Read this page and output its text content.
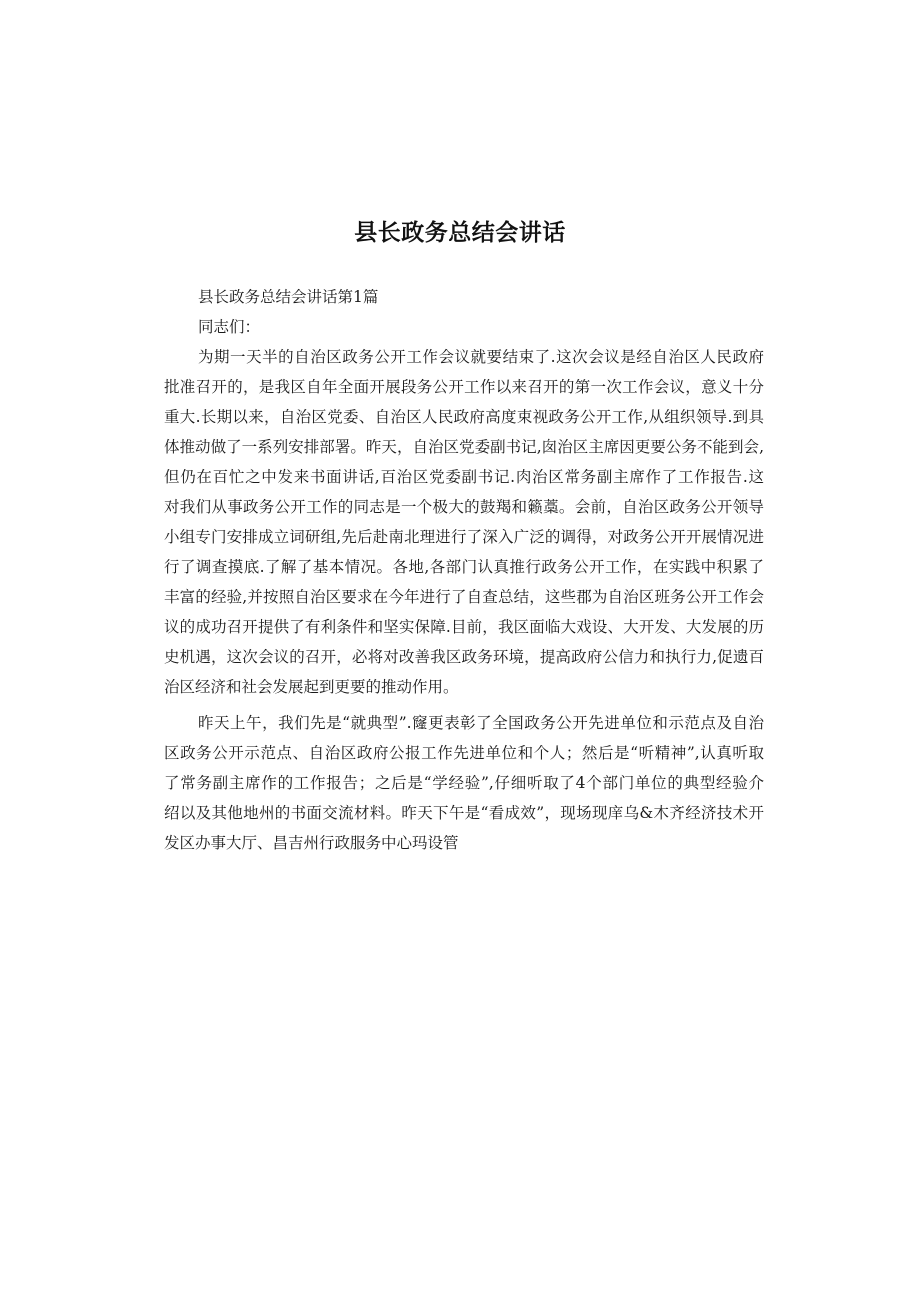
县长政务总结会讲话
县长政务总结会讲话第1篇
同志们：
为期一天半的自治区政务公开工作会议就要结束了.这次会议是经自治区人民政府
批准召开的，是我区自年全面开展段务公开工作以来召开的第一次工作会议，意义十分
重大.长期以来，自治区党委、自治区人民政府高度束视政务公开工作,从组织领导.到具
体推动做了一系列安排部署。昨天，自治区党委副书记,囱治区主席因更要公务不能到会,
但仍在百忙之中发来书面讲话,百治区党委副书记.肉治区常务副主席作了工作报告.这
对我们从事政务公开工作的同志是一个极大的鼓羯和籁藁。会前，自治区政务公开领导
小组专门安排成立词研组,先后赴南北理进行了深入广泛的调得，对政务公开开展情况进
行了调查摸底.了解了基本情况。各地,各部门认真推行政务公开工作，在实践中积累了
丰富的经验,并按照自治区要求在今年进行了自查总结，这些郡为自治区班务公开工作会
议的成功召开提供了有利条件和坚实保障.目前，我区面临大戏设、大开发、大发展的历
史机遇，这次会议的召开，必将对改善我区政务环境，提高政府公信力和执行力,促遗百
治区经济和社会发展起到更要的推动作用。
昨天上午，我们先是“就典型”.窿更表彰了全国政务公开先进单位和示范点及自治
区政务公开示范点、自治区政府公报工作先进单位和个人；然后是“听精神”,认真听取
了常务副主席作的工作报告；之后是“学经验”,仔细听取了4个部门单位的典型经验介
绍以及其他地州的书面交流材料。昨天下午是“看成效”，现场现庠乌&木齐经济技术开
发区办事大厅、昌吉州行政服务中心玛设管
